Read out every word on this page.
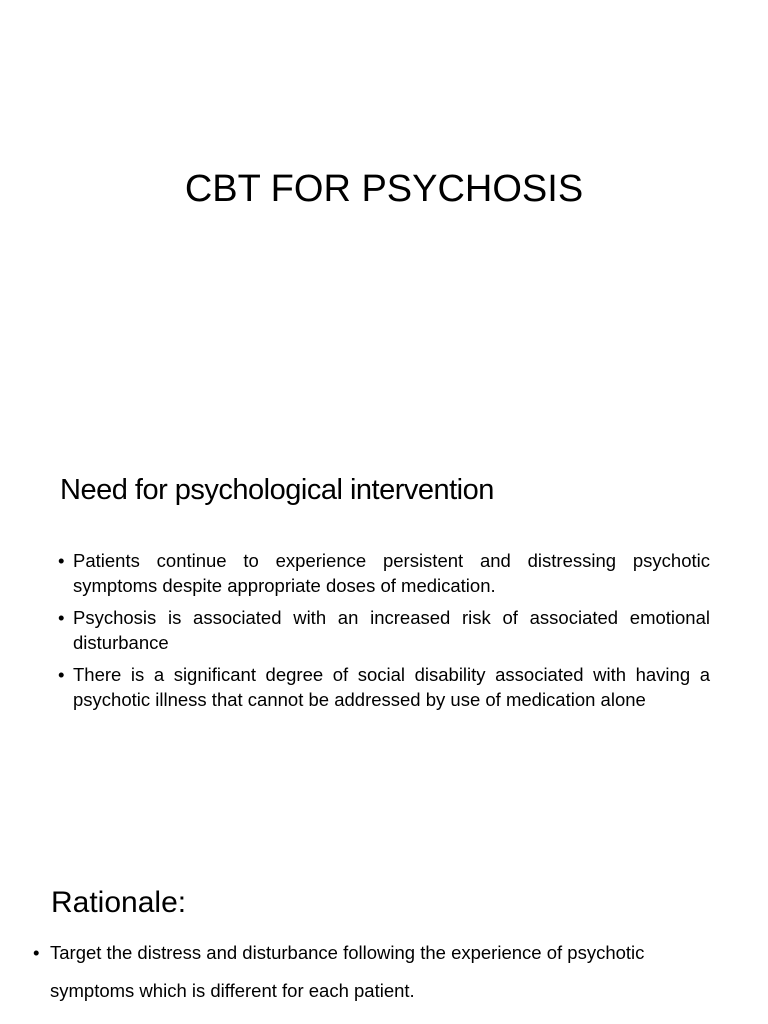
CBT FOR PSYCHOSIS
Need for psychological intervention
• Patients continue to experience persistent and distressing psychotic symptoms despite appropriate doses of medication.
• Psychosis is associated with an increased risk of associated emotional disturbance
• There is a significant degree of social disability associated with having a psychotic illness that cannot be addressed by use of medication alone
Rationale:
• Target the distress and disturbance following the experience of psychotic symptoms which is different for each patient.
